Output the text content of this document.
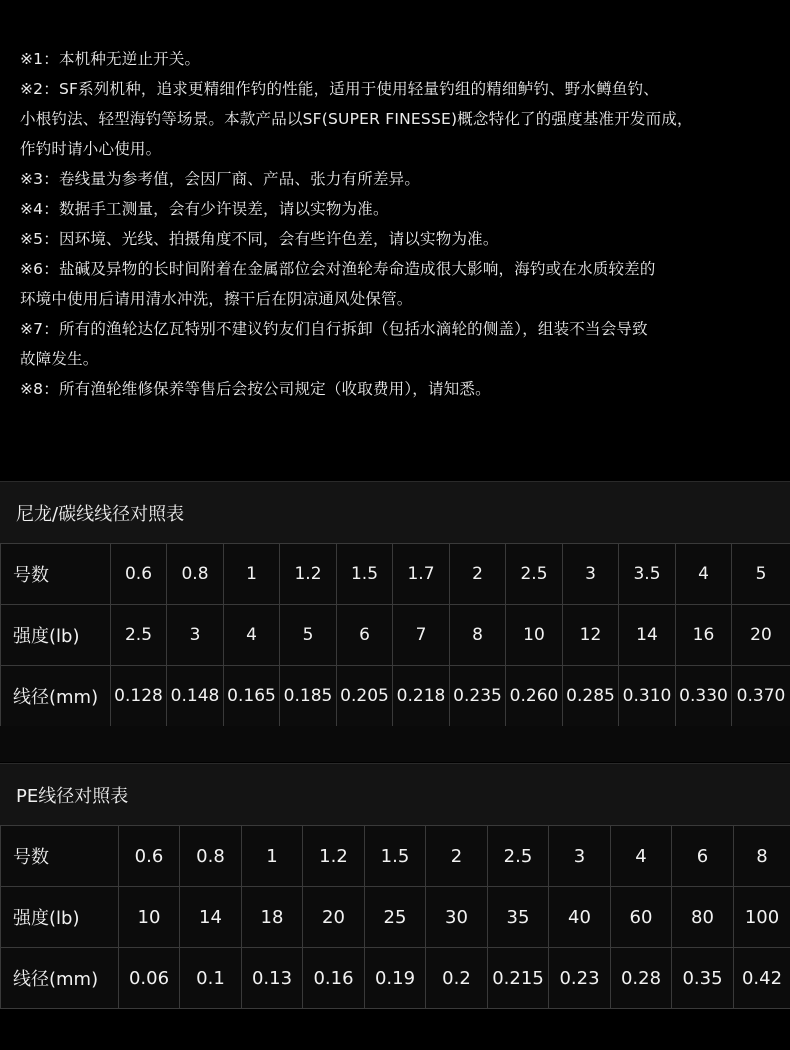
※1：本机种无逆止开关。
※2：SF系列机种，追求更精细作钓的性能，适用于使用轻量钓组的精细鲈钓、野水鳟鱼钓、
小根钓法、轻型海钓等场景。本款产品以SF(SUPER FINESSE)概念特化了的强度基准开发而成，
作钓时请小心使用。
※3：卷线量为参考值，会因厂商、产品、张力有所差异。
※4：数据手工测量，会有少许误差，请以实物为准。
※5：因环境、光线、拍摄角度不同，会有些许色差，请以实物为准。
※6：盐碱及异物的长时间附着在金属部位会对渔轮寿命造成很大影响，海钓或在水质较差的
环境中使用后请用清水冲洗，擦干后在阴凉通风处保管。
※7：所有的渔轮达亿瓦特别不建议钓友们自行拆卸（包括水滴轮的侧盖），组装不当会导致
故障发生。
※8：所有渔轮维修保养等售后会按公司规定（收取费用），请知悉。
尼龙/碳线线径对照表
号数	0.6	0.8	1	1.2	1.5	1.7	2	2.5	3	3.5	4	5
强度(lb)	2.5	3	4	5	6	7	8	10	12	14	16	20
线径(mm)	0.128	0.148	0.165	0.185	0.205	0.218	0.235	0.260	0.285	0.310	0.330	0.370
PE线径对照表
号数	0.6	0.8	1	1.2	1.5	2	2.5	3	4	6	8
强度(lb)	10	14	18	20	25	30	35	40	60	80	100
线径(mm)	0.06	0.1	0.13	0.16	0.19	0.2	0.215	0.23	0.28	0.35	0.42
